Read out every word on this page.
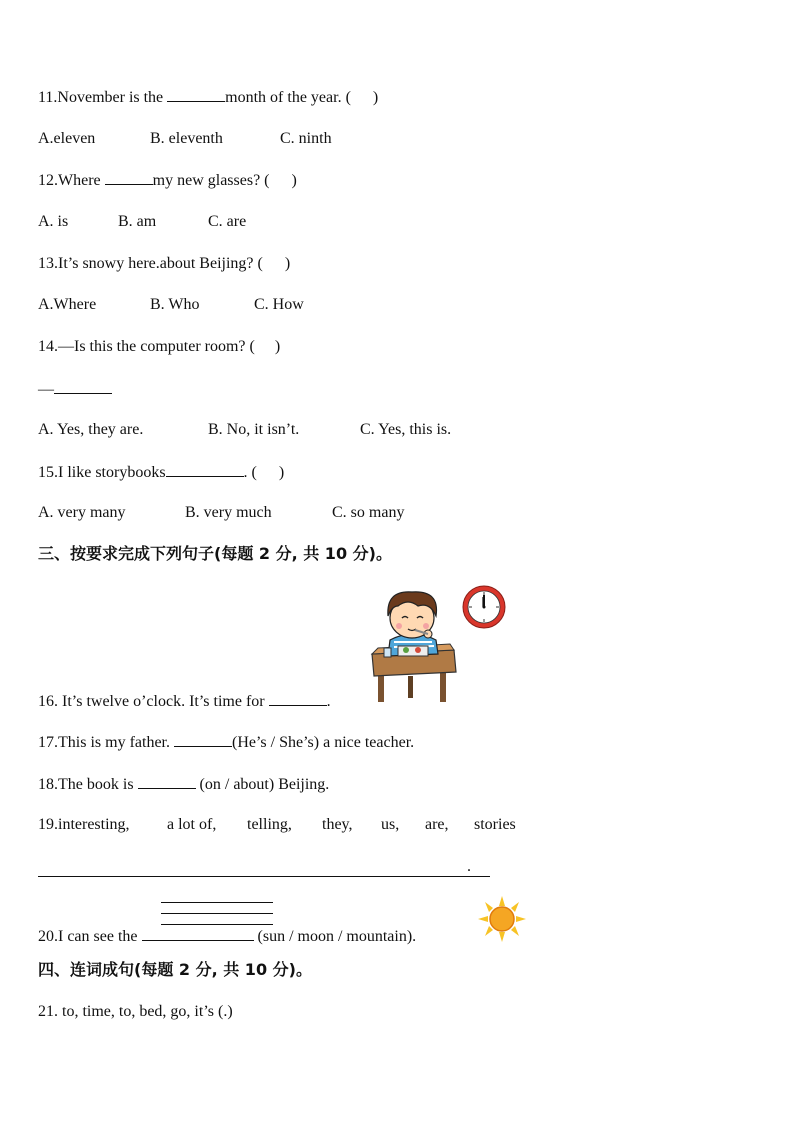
11.November is the	month of the year. ( )
A.eleven	B. eleventh	C. ninth
12.Where	my new glasses? ( )
A. is	B. am	C. are
13.It’s snowy here.about Beijing? ( )
A.Where	B. Who	C. How
14.—Is this the computer room? ( )
—
A. Yes, they are.	B. No, it isn’t.	C. Yes, this is.
15.I like storybooks	. ( )
A. very many	B. very much	C. so many
三、按要求完成下列句子(每题 2 分, 共 10 分)。
16. It’s twelve o’clock. It’s time for	.
17.This is my father.	(He’s / She’s) a nice teacher.
18.The book is	(on / about) Beijing.
19.interesting, a lot of, telling, they, us, are, stories
.
20.I can see the	(sun / moon / mountain).
四、连词成句(每题 2 分, 共 10 分)。
21. to, time, to, bed, go, it’s (.)
